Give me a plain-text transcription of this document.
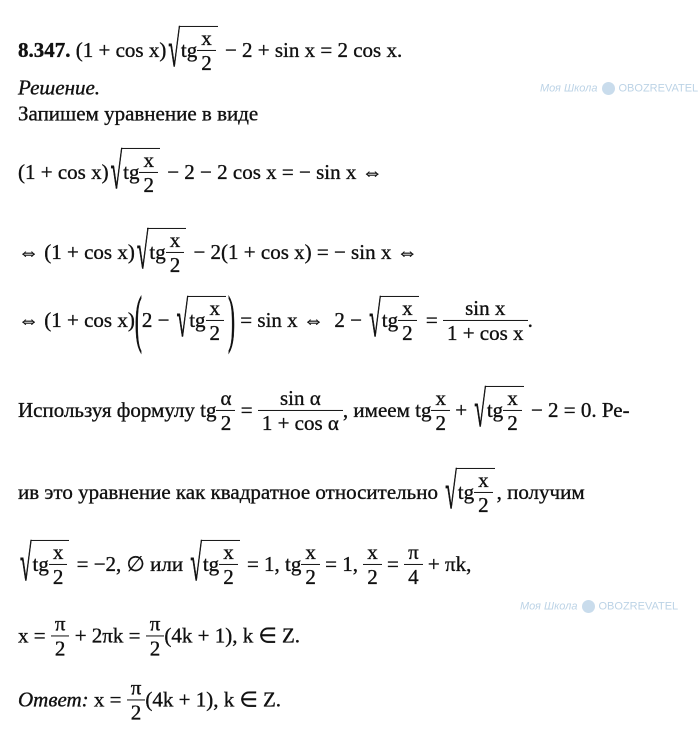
Моя Школа OBOZREVATEL
Моя Школа OBOZREVATEL
8.347. (1 + cos x) √ tg $\frac{x}{2} - 2 + \sin x = 2$ cos x.
Решение.
Запишем уравнение в виде
(1 + cos x) √ tg $\frac{x}{2} - 2 - 2$ cos x = − sin x ⇔
⇔ (1 + cos x) √ tg $\frac{x}{2} - 2(1 + \cos x)$ = − sin x ⇔
⇔ (1 + cos x) ( 2 − √ tg $\frac{x}{2}$ ) = sin x ⇔  2 − √ tg $\frac{x}{2} = \frac{\text{sin x}}{\text{1 + cos x}}$ .
Используя формулу tg $\frac{\alpha}{2} = \frac{\text{sin α}}{\text{1 + cos α}}$ , имеем tg $\frac{x}{2}$ + √ tg $\frac{x}{2} - 2 = 0$. Ре-
ив это уравнение как квадратное относительно √ tg $\frac{x}{2}$ , получим
√ tg $\frac{x}{2} = -2$, ∅ или √ tg $\frac{x}{2} = 1$, tg $\frac{x}{2} = 1$, $\frac{x}{2} = \frac{\pi}{4} + \pi k$,
$x = \frac{\pi}{2} + 2\pi k = \frac{\pi}{2} (4k + 1)$, k ∈ Z.
Ответ: $x = \frac{\pi}{2} (4k + 1)$, k ∈ Z.
